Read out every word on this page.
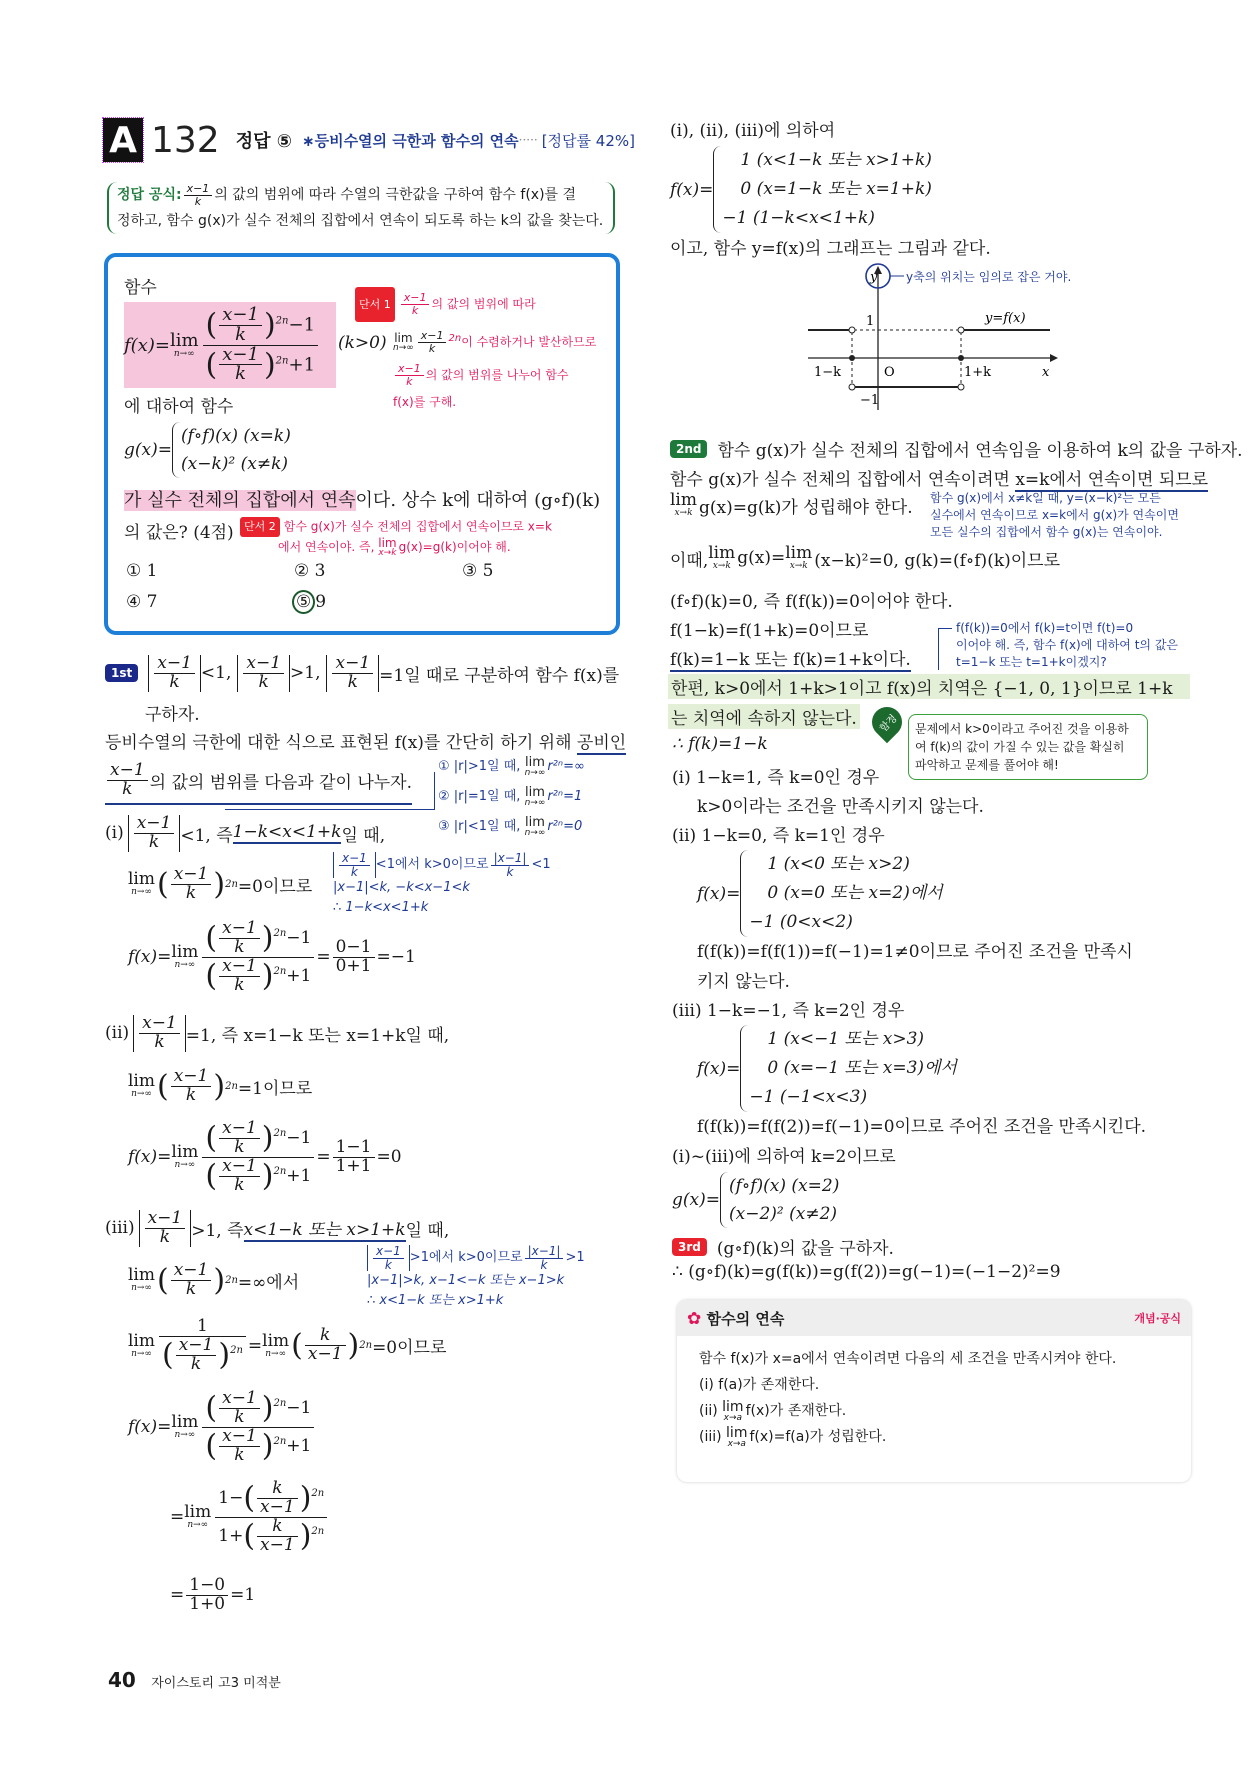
A 132 정답 ⑤ ∗등비수열의 극한과 함수의 연속 ····· [정답률 42%]
정답 공식: $\frac{x-1}{k}$ 의 값의 범위에 따라 수열의 극한값을 구하여 함수 f(x)를 결
정하고, 함수 g(x)가 실수 전체의 집합에서 연속이 되도록 하는 k의 값을 찾는다.
함수
f(x)= lim
$n\to\infty \frac{( \frac{x-1}{k} )^{2n}-1}{( \frac{x-1}{k} )^{2n}+1} (k>0)$
단서 $1 \frac{x-1}{k}$ 의 값의 범위에 따라
lim
$n\to\infty \frac{x-1}{k} ^{2n}$이 수렴하거나 발산하므로
$\frac{x-1}{k}$ 의 값의 범위를 나누어 함수
f(x)를 구해.
에 대하여 함수
g(x)=
(f∘f)(x) (x=k)
(x−k)² (x≠k)
가 실수 전체의 집합에서 연속이다. 상수 k에 대하여 (g∘f)(k)
의 값은? (4점) 단서 2 함수 g(x)가 실수 전체의 집합에서 연속이므로 x=k
에서 연속이야. 즉, lim
x→k g(x)=g(k)이어야 해.
① 1	② 3	③ 5
④ 7	⑤ 9
1st	$\frac{x-1}{k} <1$, $\frac{x-1}{k} >1$, $\frac{x-1}{k} =1$일 때로 구분하여 함수 f(x)를
구하자.
등비수열의 극한에 대한 식으로 표현된 f(x)를 간단히 하기 위해 공비인
$\frac{x-1}{k}$ 의 값의 범위를 다음과 같이 나누자.
① |r|>1일 때, lim
n→∞ r²ⁿ=∞
② |r|=1일 때, lim
n→∞ r²ⁿ=1
③ |r|<1일 때, lim
n→∞ r²ⁿ=0
$(i) \frac{x-1}{k} <1$, 즉 1−k<x<1+k 일 때,
lim
n→∞ ( $\frac{x-1}{k}$ ) 2n =0이므로
$\frac{x-1}{k} <1$에서 k>0이므로 $\frac{|x-1|}{k} <1$
|x−1|<k, −k<x−1<k
∴ 1−k<x<1+k
f(x)= lim
$n\to\infty \frac{( \frac{x-1}{k} )^{2n}-1}{( \frac{x-1}{k} )^{2n}+1} = \frac{0-1}{0+1} =-1$
$(ii) \frac{x-1}{k} =1$, 즉 x=1−k 또는 x=1+k일 때,
lim
n→∞ ( $\frac{x-1}{k}$ ) 2n =1이므로
f(x)= lim
$n\to\infty \frac{( \frac{x-1}{k} )^{2n}-1}{( \frac{x-1}{k} )^{2n}+1} = \frac{1-1}{1+1} =0$
$(iii) \frac{x-1}{k} >1$, 즉 x<1−k 또는 x>1+k 일 때,
$\frac{x-1}{k} >1$에서 k>0이므로 $\frac{|x-1|}{k} >1$
|x−1|>k, x−1<−k 또는 x−1>k
∴ x<1−k 또는 x>1+k
lim
n→∞ ( $\frac{x-1}{k}$ ) 2n =∞에서
lim
$n\to\infty \frac{1}{( \frac{x-1}{k} )^{2n}} = \lim$
n→∞ ( $\frac{k}{x-1}$ ) 2n =0이므로
f(x)= lim
$n\to\infty \frac{( \frac{x-1}{k} )^{2n}-1}{( \frac{x-1}{k} )^{2n}+1}$
= lim
$n\to\infty \frac{1-( \frac{k}{x-1} )^{2n}}{1+( \frac{k}{x-1} )^{2n}}$
= $\frac{1-0}{1+0} =1$
40 자이스토리 고3 미적분
(i), (ii), (iii)에 의하여
f(x)=
1 (x<1−k 또는 x>1+k)
0 (x=1−k 또는 x=1+k)
−1 (1−k<x<1+k)
이고, 함수 y=f(x)의 그래프는 그림과 같다.
y
x
O
1
−1
1−k	1+k
y=f(x)
y축의 위치는 임의로 잡은 거야.
2nd 함수 g(x)가 실수 전체의 집합에서 연속임을 이용하여 k의 값을 구하자.
함수 g(x)가 실수 전체의 집합에서 연속이려면 x=k에서 연속이면 되므로
lim
x→k g(x)=g(k)가 성립해야 한다. 함수 g(x)에서 x≠k일 때, y=(x−k)²는 모든
실수에서 연속이므로 x=k에서 g(x)가 연속이면
모든 실수의 집합에서 함수 g(x)는 연속이야.
이때, lim
x→k g(x)= lim
x→k (x−k)²=0, g(k)=(f∘f)(k)이므로
(f∘f)(k)=0, 즉 f(f(k))=0이어야 한다.
f(1−k)=f(1+k)=0이므로
f(k)=1−k 또는 f(k)=1+k이다.
f(f(k))=0에서 f(k)=t이면 f(t)=0
이어야 해. 즉, 함수 f(x)에 대하여 t의 값은
t=1−k 또는 t=1+k이겠지?
한편, k>0에서 1+k>1이고 f(x)의 치역은 {−1, 0, 1}이므로 1+k
는 치역에 속하지 않는다.	함정	문제에서 k>0이라고 주어진 것을 이용하
여 f(k)의 값이 가질 수 있는 값을 확실히
파악하고 문제를 풀어야 해!
∴ f(k)=1−k
(i) 1−k=1, 즉 k=0인 경우
k>0이라는 조건을 만족시키지 않는다.
(ii) 1−k=0, 즉 k=1인 경우
f(x)=
1 (x<0 또는 x>2)
0 (x=0 또는 x=2)에서
−1 (0<x<2)
f(f(k))=f(f(1))=f(−1)=1≠0이므로 주어진 조건을 만족시
키지 않는다.
(iii) 1−k=−1, 즉 k=2인 경우
f(x)=
1 (x<−1 또는 x>3)
0 (x=−1 또는 x=3)에서
−1 (−1<x<3)
f(f(k))=f(f(2))=f(−1)=0이므로 주어진 조건을 만족시킨다.
(i)~(iii)에 의하여 k=2이므로
g(x)=
(f∘f)(x) (x=2)
(x−2)² (x≠2)
3rd (g∘f)(k)의 값을 구하자.
∴ (g∘f)(k)=g(f(k))=g(f(2))=g(−1)=(−1−2)²=9
✿ 함수의 연속	개념·공식
함수 f(x)가 x=a에서 연속이려면 다음의 세 조건을 만족시켜야 한다.
(i) f(a)가 존재한다.
(ii)
lim
x→a f(x)가 존재한다.
(iii)
lim
x→a f(x)=f(a)가 성립한다.
